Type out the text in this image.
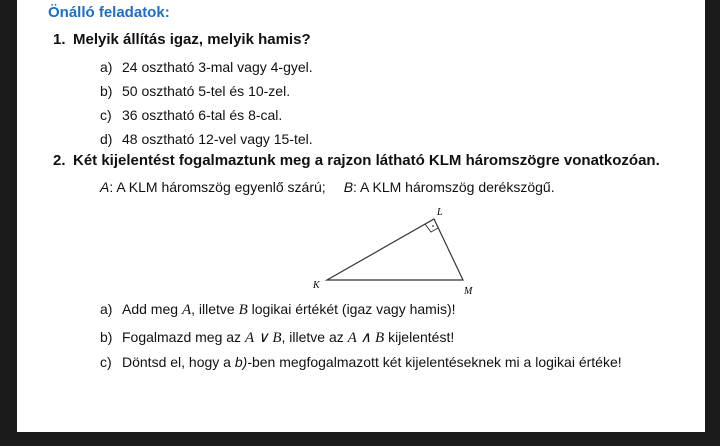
Önálló feladatok:
1. Melyik állítás igaz, melyik hamis?
a) 24 osztható 3-mal vagy 4-gyel.
b) 50 osztható 5-tel és 10-zel.
c) 36 osztható 6-tal és 8-cal.
d) 48 osztható 12-vel vagy 15-tel.
2. Két kijelentést fogalmaztunk meg a rajzon látható KLM háromszögre vonatkozóan.
A: A KLM háromszög egyenlő szárú; B: A KLM háromszög derékszögű.
L
K
M
a) Add meg A, illetve B logikai értékét (igaz vagy hamis)!
b) Fogalmazd meg az A ∨ B, illetve az A ∧ B kijelentést!
c) Döntsd el, hogy a b)-ben megfogalmazott két kijelentéseknek mi a logikai értéke!
